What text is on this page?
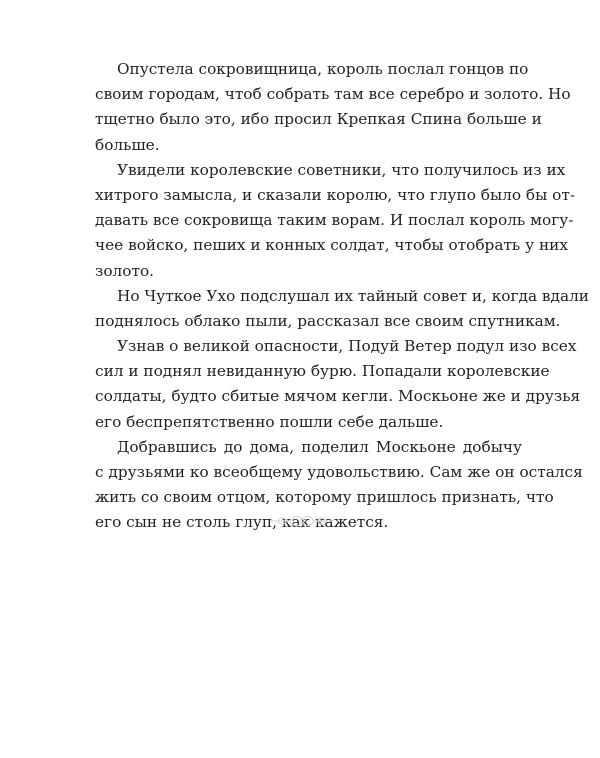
Опустела сокровищница, король послал гонцов по
своим городам, чтоб собрать там все серебро и золото. Но
тщетно было это, ибо просил Крепкая Спина больше и
больше.
Увидели королевские советники, что получилось из их
хитрого замысла, и сказали королю, что глупо было бы от-
давать все сокровища таким ворам. И послал король могу-
чее войско, пеших и конных солдат, чтобы отобрать у них
золото.
Но Чуткое Ухо подслушал их тайный совет и, когда вдали
поднялось облако пыли, рассказал все своим спутникам.
Узнав о великой опасности, Подуй Ветер подул изо всех
сил и поднял невиданную бурю. Попадали королевские
солдаты, будто сбитые мячом кегли. Москьоне же и друзья
его беспрепятственно пошли себе дальше.
Добравшись до дома, поделил Москьоне добычу
с друзьями ко всеобщему удовольствию. Сам же он остался
жить со своим отцом, которому пришлось признать, что
его сын не столь глуп, как кажется.
